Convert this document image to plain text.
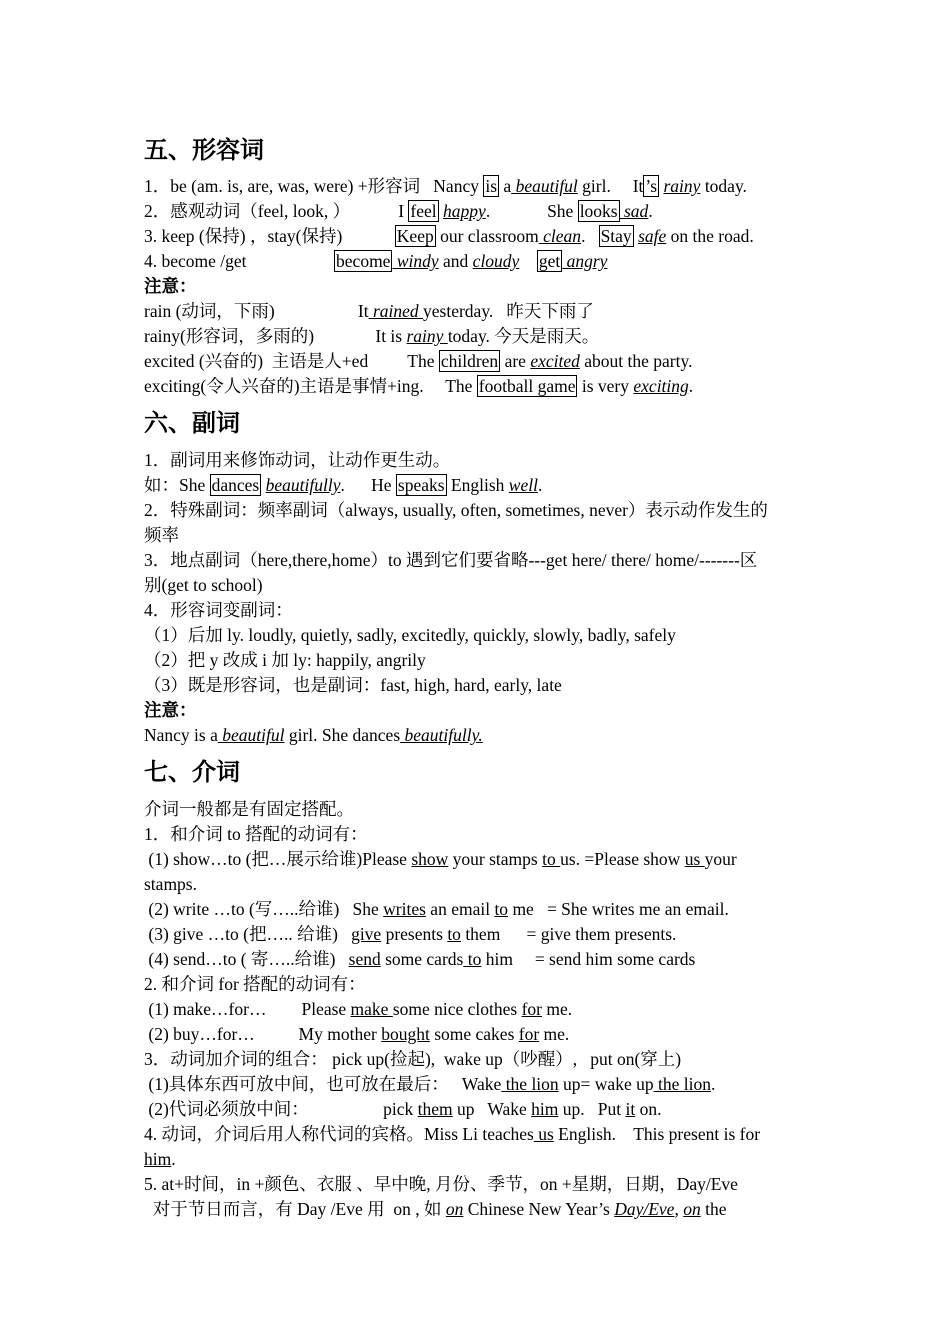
五、形容词
1．be (am. is, are, was, were) +形容词   Nancy is a beautiful girl.     It ’s rainy today.
2．感观动词（feel, look, ）           I feel happy.             She looks sad.
3. keep (保持) ，stay(保持)            Keep our classroom clean.   Stay safe on the road.
4. become /get                    become windy and cloudy get angry
注意：
rain (动词，下雨)                   It rained yesterday.   昨天下雨了
rainy(形容词，多雨的)              It is rainy today. 今天是雨天。
excited (兴奋的)  主语是人+ed         The children are excited about the party.
exciting(令人兴奋的)主语是事情+ing.     The football game is very exciting.
六、副词
1．副词用来修饰动词，让动作更生动。
如：She dances beautifully.      He speaks English well.
2．特殊副词：频率副词（always, usually, often, sometimes, never）表示动作发生的
频率
3．地点副词（here,there,home）to 遇到它们要省略---get here/ there/ home/-------区
别(get to school)
4．形容词变副词：
（1）后加 ly. loudly, quietly, sadly, excitedly, quickly, slowly, badly, safely
（2）把 y 改成 i 加 ly: happily, angrily
（3）既是形容词，也是副词：fast, high, hard, early, late
注意：
Nancy is a beautiful girl. She dances beautifully.
七、介词
介词一般都是有固定搭配。
1．和介词 to 搭配的动词有：
(1) show…to (把…展示给谁)Please show your stamps to us. =Please show us your
stamps.
(2) write …to (写…..给谁)   She writes an email to me   = She writes me an email.
(3) give …to (把….. 给谁)   give presents to them      = give them presents.
(4) send…to ( 寄…..给谁)   send some cards to him     = send him some cards
2. 和介词 for 搭配的动词有：
(1) make…for…        Please make some nice clothes for me.
(2) buy…for…          My mother bought some cakes for me.
3．动词加介词的组合： pick up(捡起),  wake up（吵醒）,   put on(穿上)
(1)具体东西可放中间，也可放在最后：   Wake the lion up= wake up the lion.
(2)代词必须放中间：                 pick them up   Wake him up.   Put it on.
4. 动词，介词后用人称代词的宾格。Miss Li teaches us English.    This present is for
him.
5. at+时间，in +颜色、衣服 、早中晚, 月份、季节，on +星期，日期，Day/Eve
对于节日而言，有 Day /Eve 用  on , 如 on Chinese New Year’s Day/Eve, on the
